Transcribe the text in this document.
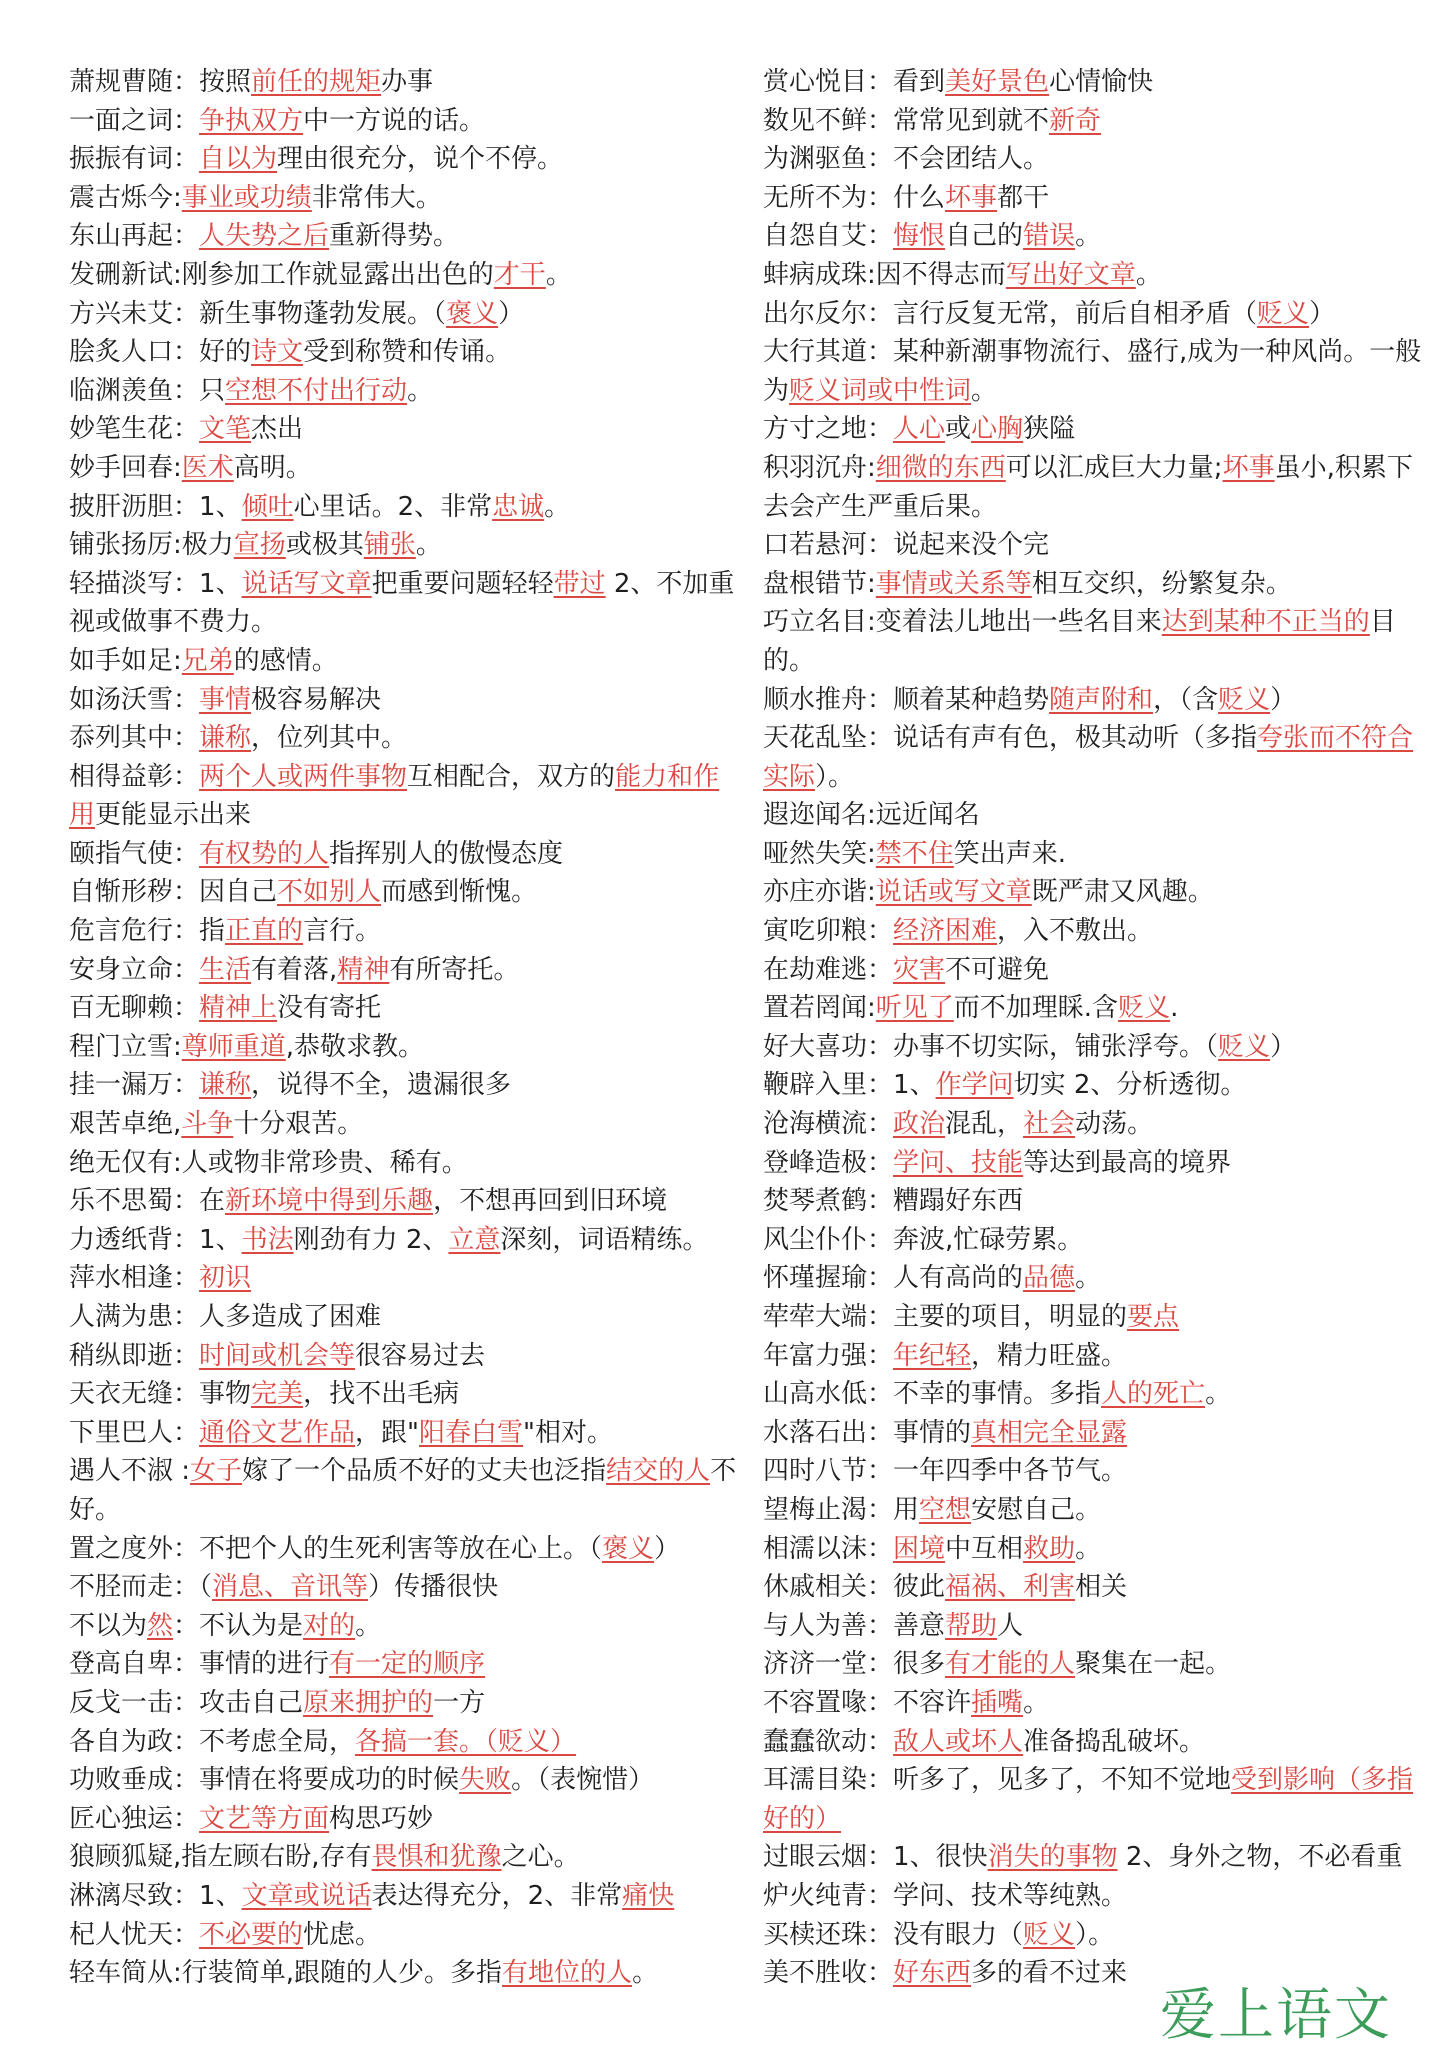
萧规曹随：按照前任的规矩办事
一面之词：争执双方中一方说的话。
振振有词：自以为理由很充分，说个不停。
震古烁今:事业或功绩非常伟大。
东山再起：人失势之后重新得势。
发硎新试:刚参加工作就显露出出色的才干。
方兴未艾：新生事物蓬勃发展。（褒义）
脍炙人口：好的诗文受到称赞和传诵。
临渊羡鱼：只空想不付出行动。
妙笔生花：文笔杰出
妙手回春:医术高明。
披肝沥胆：1、倾吐心里话。2、非常忠诚。
铺张扬厉:极力宣扬或极其铺张。
轻描淡写：1、说话写文章把重要问题轻轻带过 2、不加重视或做事不费力。
如手如足:兄弟的感情。
如汤沃雪：事情极容易解决
忝列其中：谦称，位列其中。
相得益彰：两个人或两件事物互相配合，双方的能力和作用更能显示出来
颐指气使：有权势的人指挥别人的傲慢态度
自惭形秽：因自己不如别人而感到惭愧。
危言危行：指正直的言行。
安身立命：生活有着落,精神有所寄托。
百无聊赖：精神上没有寄托
程门立雪:尊师重道,恭敬求教。
挂一漏万：谦称，说得不全，遗漏很多
艰苦卓绝,斗争十分艰苦。
绝无仅有:人或物非常珍贵、稀有。
乐不思蜀：在新环境中得到乐趣，不想再回到旧环境
力透纸背：1、书法刚劲有力 2、立意深刻，词语精练。
萍水相逢：初识
人满为患：人多造成了困难
稍纵即逝：时间或机会等很容易过去
天衣无缝：事物完美，找不出毛病
下里巴人：通俗文艺作品，跟"阳春白雪"相对。
遇人不淑 :女子嫁了一个品质不好的丈夫也泛指结交的人不好。
置之度外：不把个人的生死利害等放在心上。（褒义）
不胫而走：（消息、音讯等）传播很快
不以为然：不认为是对的。
登高自卑：事情的进行有一定的顺序
反戈一击：攻击自己原来拥护的一方
各自为政：不考虑全局，各搞一套。（贬义）
功败垂成：事情在将要成功的时候失败。（表惋惜）
匠心独运：文艺等方面构思巧妙
狼顾狐疑,指左顾右盼,存有畏惧和犹豫之心。
淋漓尽致：1、文章或说话表达得充分，2、非常痛快
杞人忧天：不必要的忧虑。
轻车简从:行装简单,跟随的人少。多指有地位的人。
赏心悦目：看到美好景色心情愉快
数见不鲜：常常见到就不新奇
为渊驱鱼：不会团结人。
无所不为：什么坏事都干
自怨自艾：悔恨自己的错误。
蚌病成珠:因不得志而写出好文章。
出尔反尔：言行反复无常，前后自相矛盾（贬义）
大行其道：某种新潮事物流行、盛行,成为一种风尚。一般为贬义词或中性词。
方寸之地：人心或心胸狭隘
积羽沉舟:细微的东西可以汇成巨大力量;坏事虽小,积累下去会产生严重后果。
口若悬河：说起来没个完
盘根错节:事情或关系等相互交织，纷繁复杂。
巧立名目:变着法儿地出一些名目来达到某种不正当的目的。
顺水推舟：顺着某种趋势随声附和，（含贬义）
天花乱坠：说话有声有色，极其动听（多指夸张而不符合实际）。
遐迩闻名:远近闻名
哑然失笑:禁不住笑出声来.
亦庄亦谐:说话或写文章既严肃又风趣。
寅吃卯粮：经济困难，入不敷出。
在劫难逃：灾害不可避免
置若罔闻:听见了而不加理睬.含贬义.
好大喜功：办事不切实际，铺张浮夸。（贬义）
鞭辟入里：1、作学问切实 2、分析透彻。
沧海横流：政治混乱，社会动荡。
登峰造极：学问、技能等达到最高的境界
焚琴煮鹤：糟蹋好东西
风尘仆仆：奔波,忙碌劳累。
怀瑾握瑜：人有高尚的品德。
荦荦大端：主要的项目，明显的要点
年富力强：年纪轻，精力旺盛。
山高水低：不幸的事情。多指人的死亡。
水落石出：事情的真相完全显露
四时八节：一年四季中各节气。
望梅止渴：用空想安慰自己。
相濡以沫：困境中互相救助。
休戚相关：彼此福祸、利害相关
与人为善：善意帮助人
济济一堂：很多有才能的人聚集在一起。
不容置喙：不容许插嘴。
蠢蠢欲动：敌人或坏人准备捣乱破坏。
耳濡目染：听多了，见多了，不知不觉地受到影响（多指好的）
过眼云烟：1、很快消失的事物 2、身外之物，不必看重
炉火纯青：学问、技术等纯熟。
买椟还珠：没有眼力（贬义）。
美不胜收：好东西多的看不过来
爱上语文
